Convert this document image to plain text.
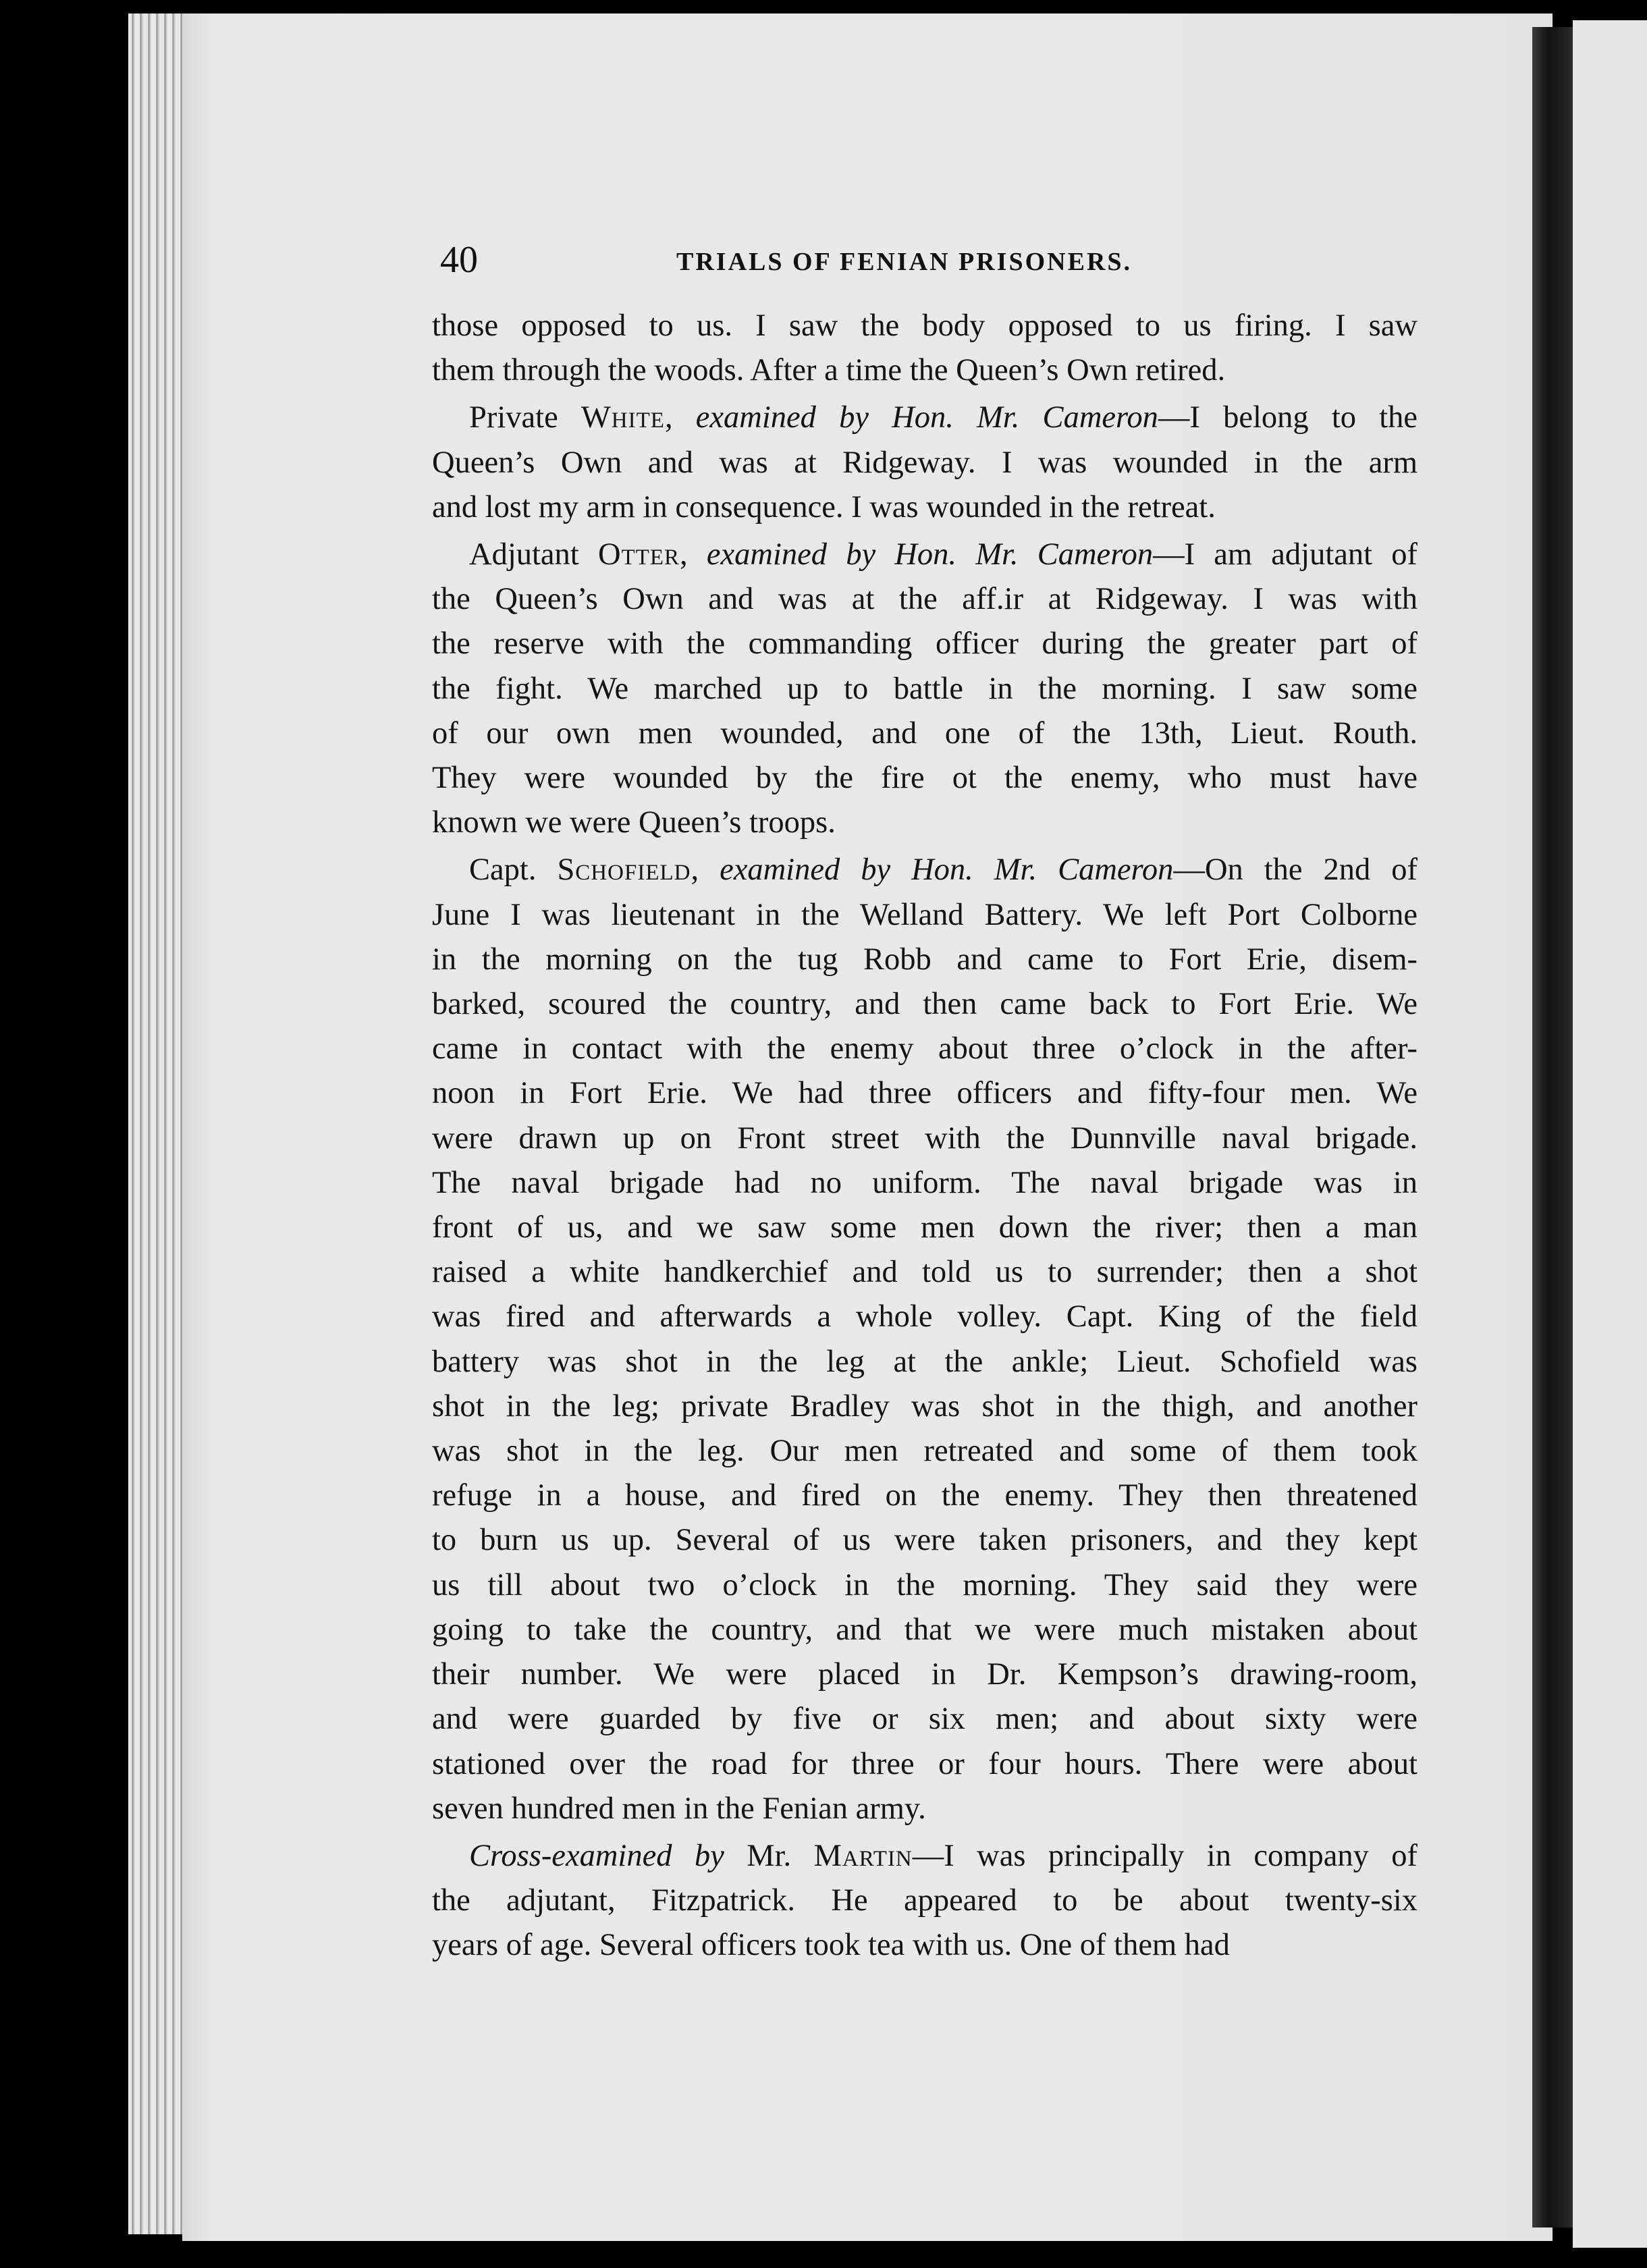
40	TRIALS OF FENIAN PRISONERS.
those opposed to us. I saw the body opposed to us firing. I saw
them through the woods. After a time the Queen’s Own retired.
Private White, examined by Hon. Mr. Cameron—I belong to the
Queen’s Own and was at Ridgeway. I was wounded in the arm
and lost my arm in consequence. I was wounded in the retreat.
Adjutant Otter, examined by Hon. Mr. Cameron—I am adjutant of
the Queen’s Own and was at the aff.ir at Ridgeway. I was with
the reserve with the commanding officer during the greater part of
the fight. We marched up to battle in the morning. I saw some
of our own men wounded, and one of the 13th, Lieut. Routh.
They were wounded by the fire ot the enemy, who must have
known we were Queen’s troops.
Capt. Schofield, examined by Hon. Mr. Cameron—On the 2nd of
June I was lieutenant in the Welland Battery. We left Port Colborne
in the morning on the tug Robb and came to Fort Erie, disem-
barked, scoured the country, and then came back to Fort Erie. We
came in contact with the enemy about three o’clock in the after-
noon in Fort Erie. We had three officers and fifty-four men. We
were drawn up on Front street with the Dunnville naval brigade.
The naval brigade had no uniform. The naval brigade was in
front of us, and we saw some men down the river; then a man
raised a white handkerchief and told us to surrender; then a shot
was fired and afterwards a whole volley. Capt. King of the field
battery was shot in the leg at the ankle; Lieut. Schofield was
shot in the leg; private Bradley was shot in the thigh, and another
was shot in the leg. Our men retreated and some of them took
refuge in a house, and fired on the enemy. They then threatened
to burn us up. Several of us were taken prisoners, and they kept
us till about two o’clock in the morning. They said they were
going to take the country, and that we were much mistaken about
their number. We were placed in Dr. Kempson’s drawing-room,
and were guarded by five or six men; and about sixty were
stationed over the road for three or four hours. There were about
seven hundred men in the Fenian army.
Cross-examined by Mr. Martin—I was principally in company of
the adjutant, Fitzpatrick. He appeared to be about twenty-six
years of age. Several officers took tea with us. One of them had
